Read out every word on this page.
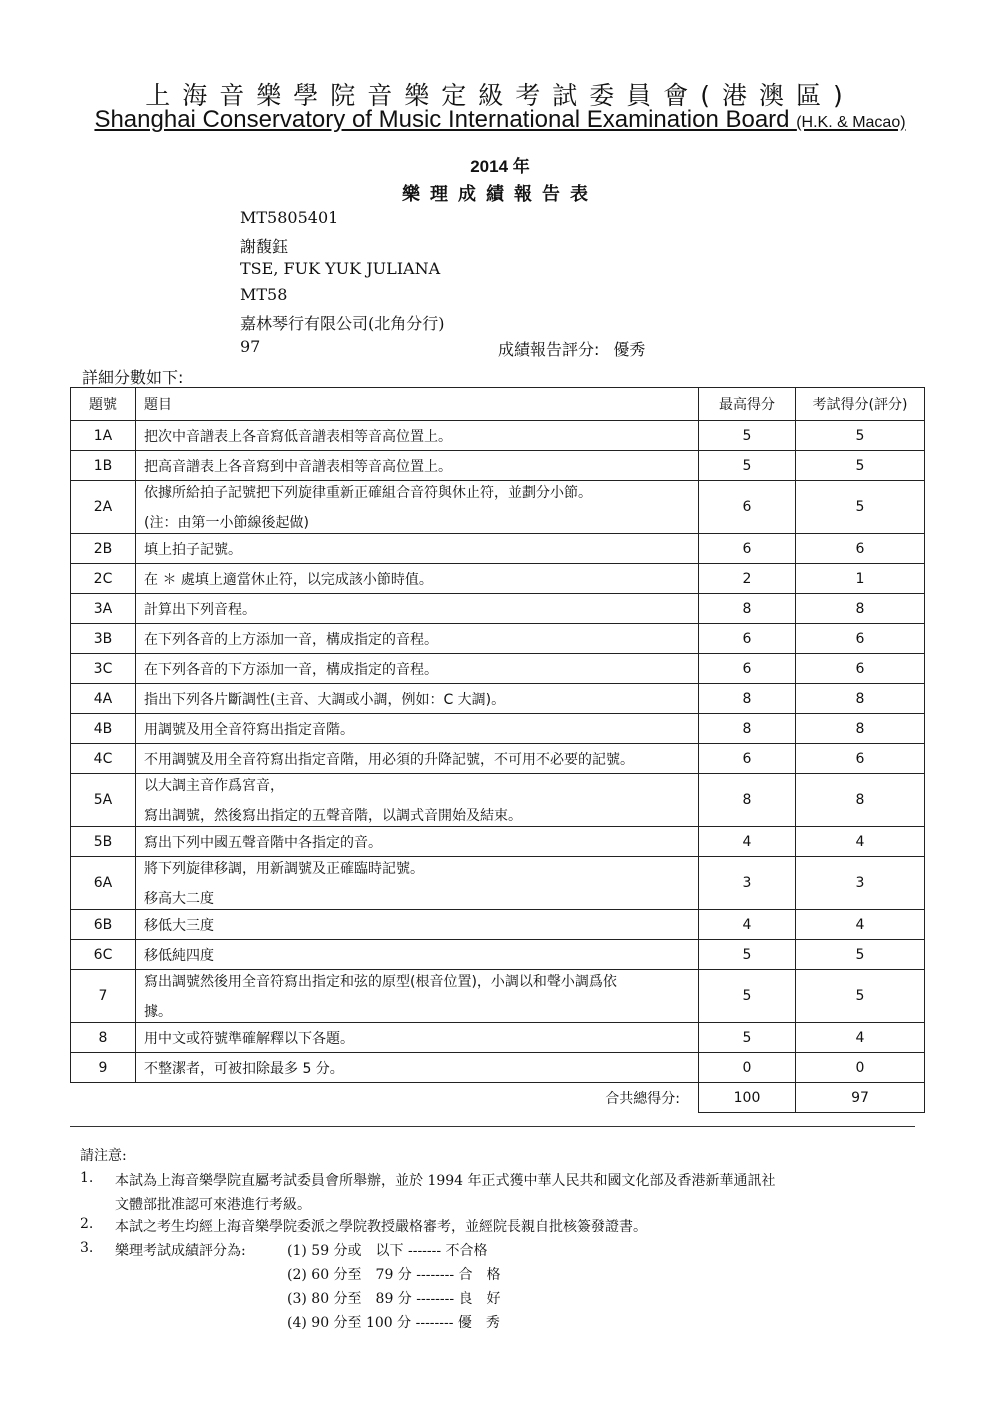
上海音樂學院音樂定級考試委員會(港澳區)
Shanghai Conservatory of Music International Examination Board (H.K. & Macao)
2014 年
樂理成績報告表
MT5805401
謝馥鈺
TSE, FUK YUK JULIANA
MT58
嘉林琴行有限公司(北角分行)
97	成績報告評分: 優秀
詳細分數如下:
題號	題目	最高得分	考試得分(評分)
1A	把次中音譜表上各音寫低音譜表相等音高位置上。	5	5
1B	把高音譜表上各音寫到中音譜表相等音高位置上。	5	5
2A	依據所給拍子記號把下列旋律重新正確組合音符與休止符，並劃分小節。
(注：由第一小節線後起做)	6	5
2B	填上拍子記號。	6	6
2C	在 ＊ 處填上適當休止符，以完成該小節時值。	2	1
3A	計算出下列音程。	8	8
3B	在下列各音的上方添加一音，構成指定的音程。	6	6
3C	在下列各音的下方添加一音，構成指定的音程。	6	6
4A	指出下列各片斷調性(主音、大調或小調，例如：C 大調)。	8	8
4B	用調號及用全音符寫出指定音階。	8	8
4C	不用調號及用全音符寫出指定音階，用必須的升降記號，不可用不必要的記號。	6	6
5A	以大調主音作爲宮音，
寫出調號，然後寫出指定的五聲音階，以調式音開始及結束。	8	8
5B	寫出下列中國五聲音階中各指定的音。	4	4
6A	將下列旋律移調，用新調號及正確臨時記號。
移高大二度	3	3
6B	移低大三度	4	4
6C	移低純四度	5	5
7	寫出調號然後用全音符寫出指定和弦的原型(根音位置)，小調以和聲小調爲依
據。	5	5
8	用中文或符號準確解釋以下各題。	5	4
9	不整潔者，可被扣除最多 5 分。	0	0
	合共總得分:	100	97
請注意:
1. 本試為上海音樂學院直屬考試委員會所舉辦，並於 1994 年正式獲中華人民共和國文化部及香港新華通訊社
文體部批准認可來港進行考級。
2. 本試之考生均經上海音樂學院委派之學院教授嚴格審考，並經院長親自批核簽發證書。
3. 樂理考試成績評分為:	(1) 59 分或　以下 ------- 不合格
(2) 60 分至　79 分 -------- 合　格
(3) 80 分至　89 分 -------- 良　好
(4) 90 分至 100 分 -------- 優　秀
